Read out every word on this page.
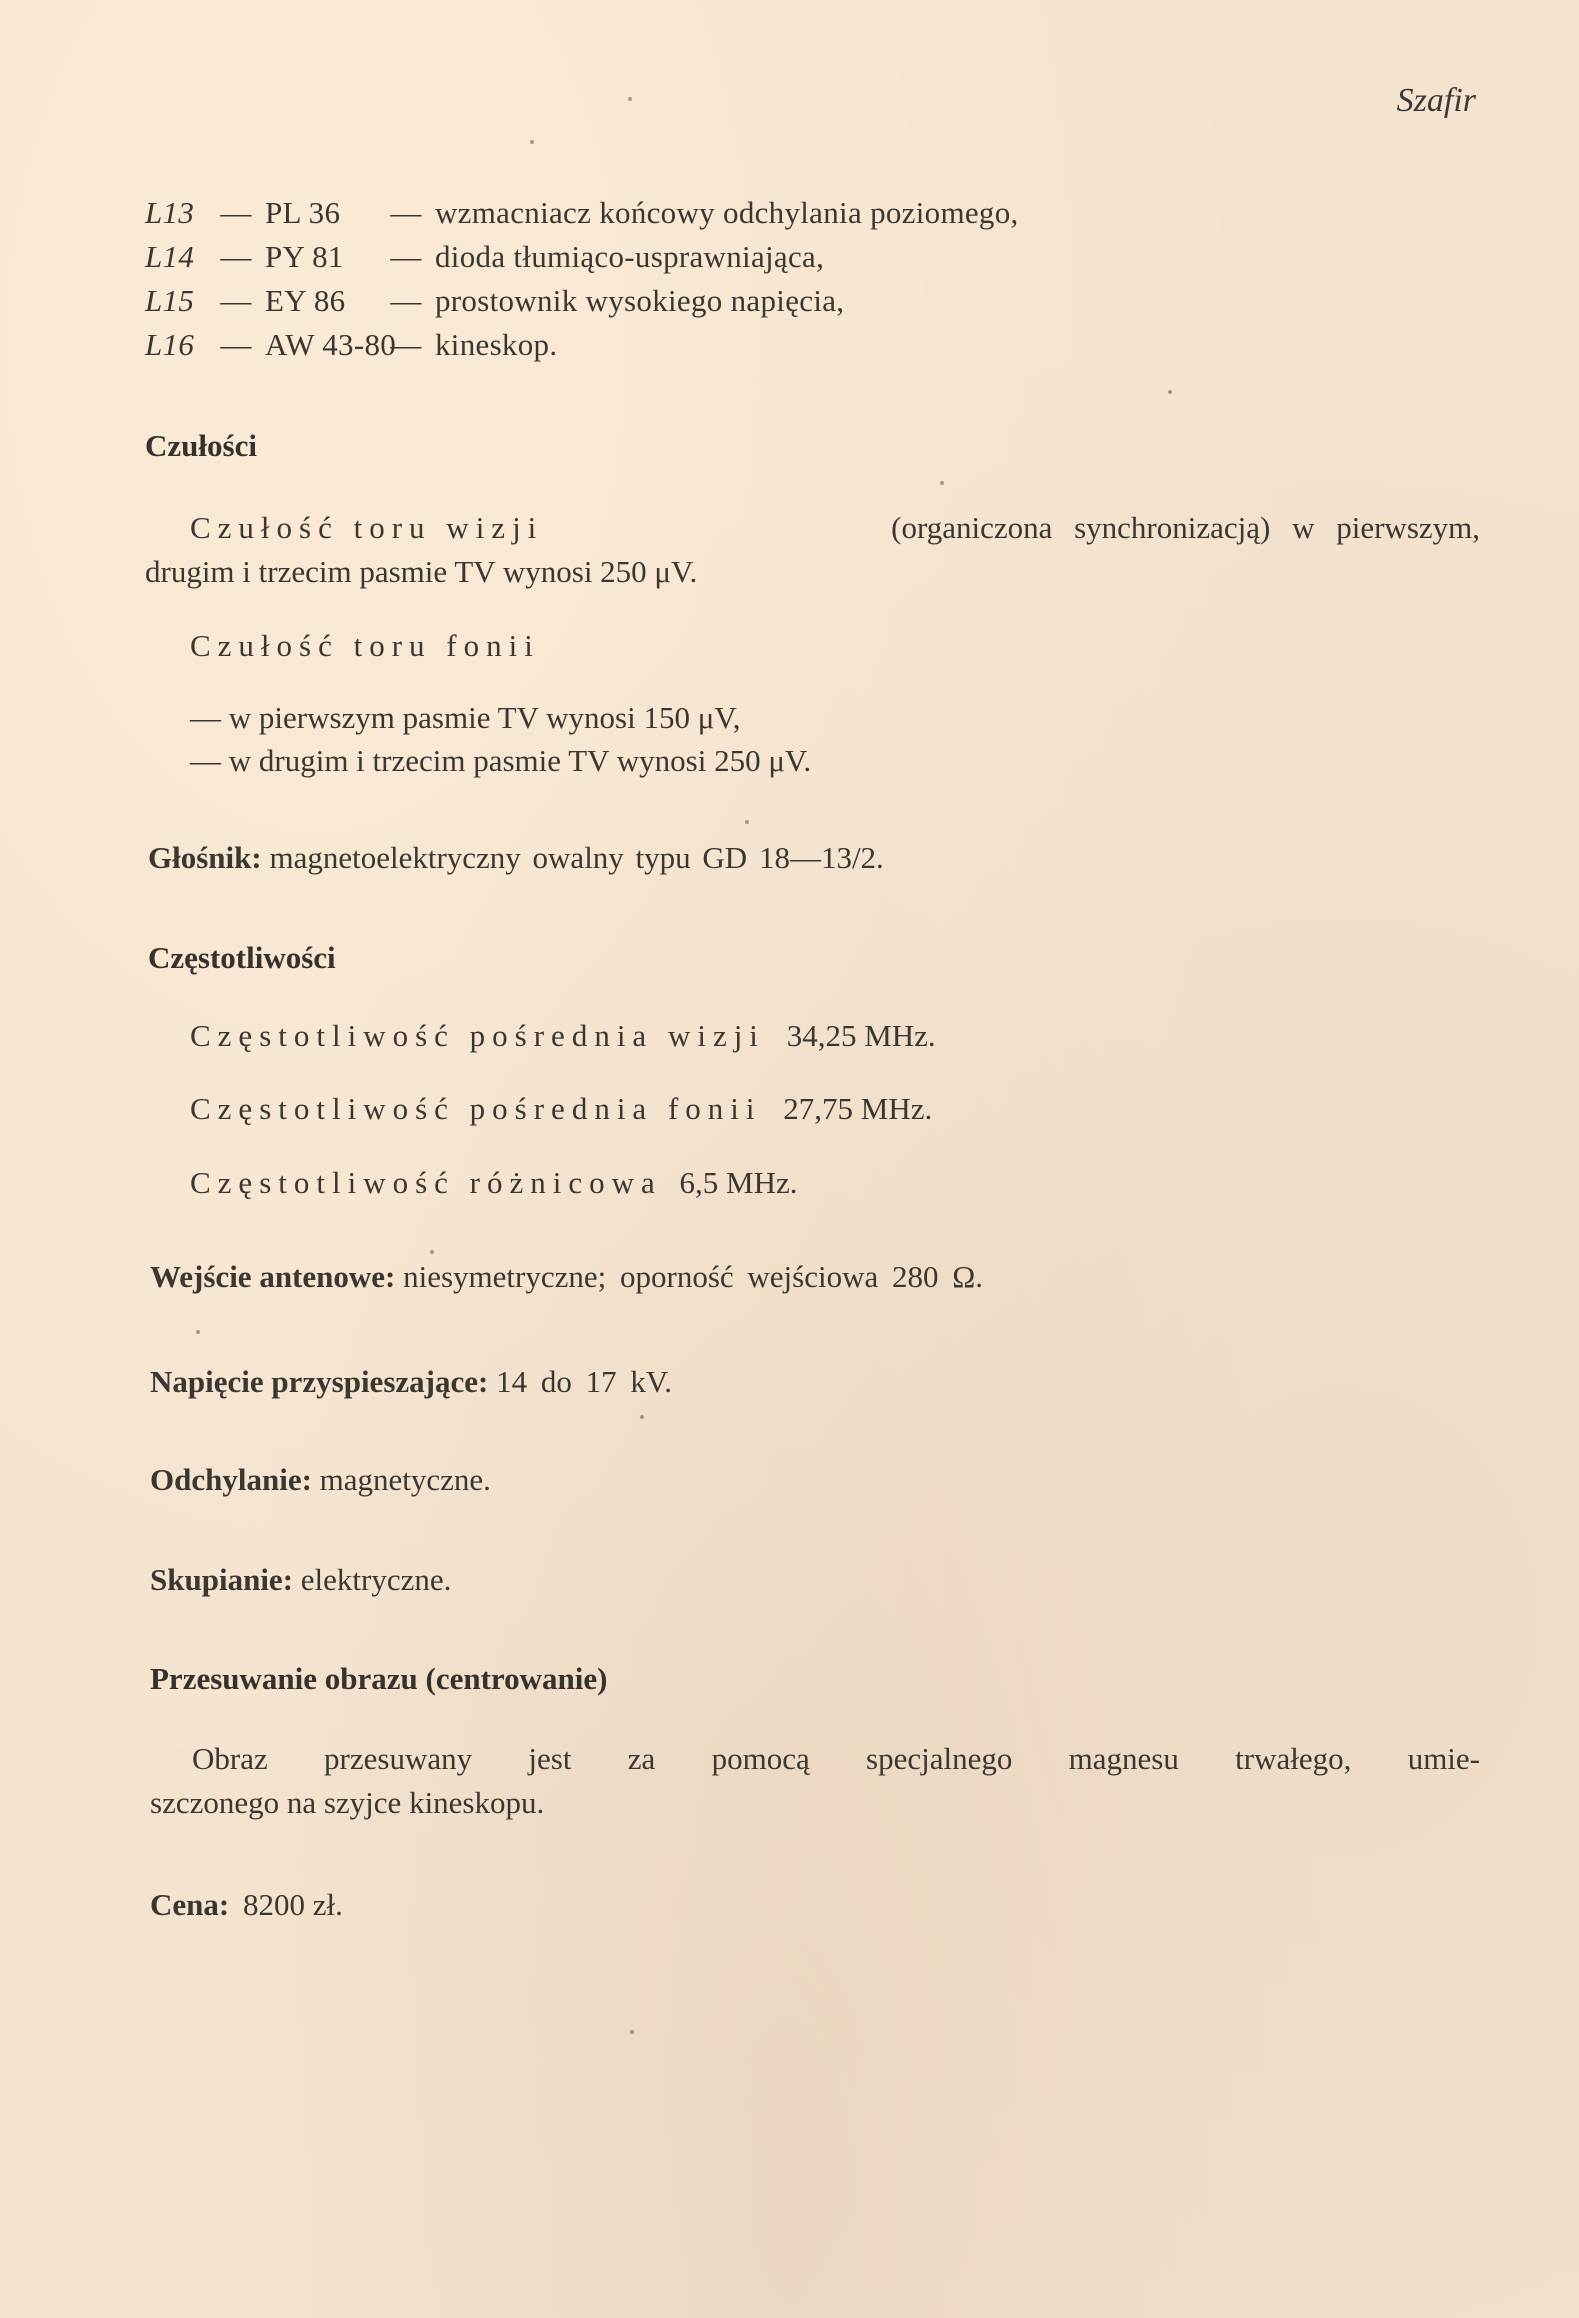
Szafir
L13 — PL 36 — wzmacniacz końcowy odchylania poziomego,
L14 — PY 81 — dioda tłumiąco-usprawniająca,
L15 — EY 86 — prostownik wysokiego napięcia,
L16 — AW 43-80— kineskop.
Czułości
Czułość toru wizji	(organiczona synchronizacją) w pierwszym,
drugim i trzecim pasmie TV wynosi 250 μV.
Czułość toru fonii
— w pierwszym pasmie TV wynosi 150 μV,
— w drugim i trzecim pasmie TV wynosi 250 μV.
Głośnik: magnetoelektryczny owalny typu GD 18—13/2.
Częstotliwości
Częstotliwość pośrednia wizji 34,25 MHz.
Częstotliwość pośrednia fonii 27,75 MHz.
Częstotliwość różnicowa 6,5 MHz.
Wejście antenowe: niesymetryczne; oporność wejściowa 280 Ω.
Napięcie przyspieszające: 14 do 17 kV.
Odchylanie: magnetyczne.
Skupianie: elektryczne.
Przesuwanie obrazu (centrowanie)
Obraz przesuwany jest za pomocą specjalnego magnesu trwałego, umie-
szczonego na szyjce kineskopu.
Cena: 8200 zł.
